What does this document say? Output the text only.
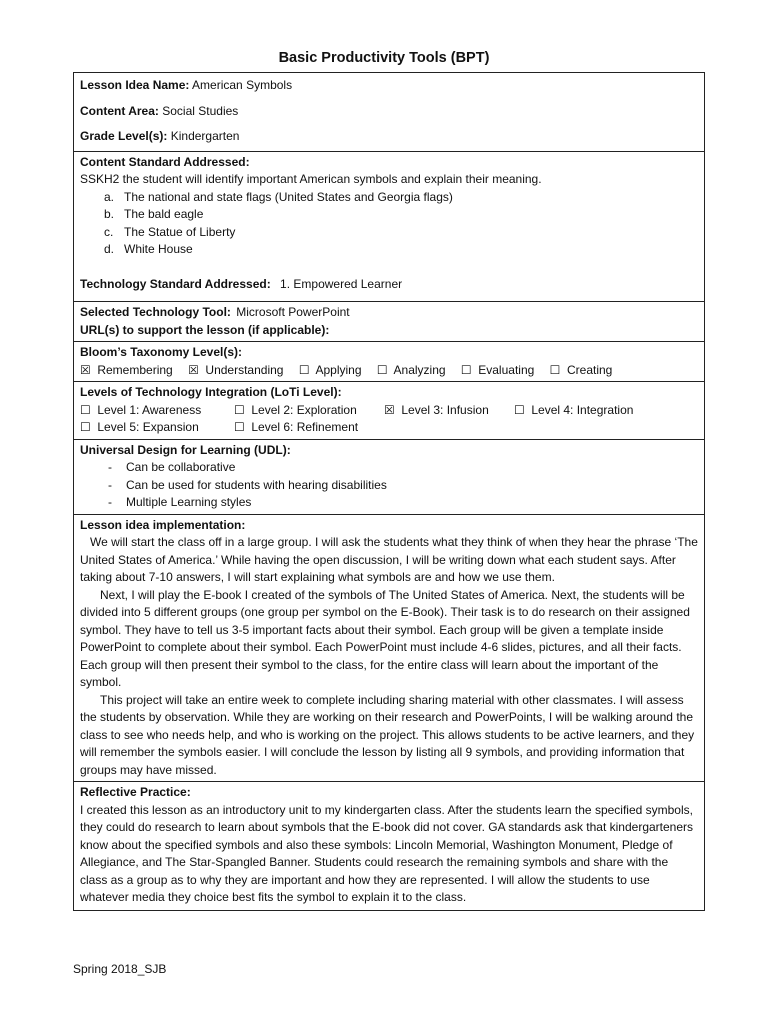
Basic Productivity Tools (BPT)
Lesson Idea Name: American Symbols
Content Area: Social Studies
Grade Level(s): Kindergarten
Content Standard Addressed:
SSKH2 the student will identify important American symbols and explain their meaning.
a. The national and state flags (United States and Georgia flags)
b. The bald eagle
c. The Statue of Liberty
d. White House
Technology Standard Addressed: 1. Empowered Learner
Selected Technology Tool: Microsoft PowerPoint
URL(s) to support the lesson (if applicable):
Bloom’s Taxonomy Level(s):
☒ Remembering ☒ Understanding ☐ Applying ☐ Analyzing ☐ Evaluating ☐ Creating
Levels of Technology Integration (LoTi Level):
☐ Level 1: Awareness	☐ Level 2: Exploration ☒ Level 3: Infusion ☐ Level 4: Integration
☐ Level 5: Expansion	☐ Level 6: Refinement
Universal Design for Learning (UDL):
- Can be collaborative
- Can be used for students with hearing disabilities
- Multiple Learning styles
Lesson idea implementation:

We will start the class off in a large group. I will ask the students what they think of when they hear the phrase ‘The United States of America.’ While having the open discussion, I will be writing down what each student says. After taking about 7-10 answers, I will start explaining what symbols are and how we use them.

Next, I will play the E-book I created of the symbols of The United States of America. Next, the students will be divided into 5 different groups (one group per symbol on the E-Book). Their task is to do research on their assigned symbol. They have to tell us 3-5 important facts about their symbol. Each group will be given a template inside PowerPoint to complete about their symbol. Each PowerPoint must include 4-6 slides, pictures, and all their facts. Each group will then present their symbol to the class, for the entire class will learn about the important of the symbol.

This project will take an entire week to complete including sharing material with other classmates. I will assess the students by observation. While they are working on their research and PowerPoints, I will be walking around the class to see who needs help, and who is working on the project. This allows students to be active learners, and they will remember the symbols easier. I will conclude the lesson by listing all 9 symbols, and providing information that groups may have missed.

Reflective Practice:
I created this lesson as an introductory unit to my kindergarten class. After the students learn the specified symbols, they could do research to learn about symbols that the E-book did not cover. GA standards ask that kindergarteners know about the specified symbols and also these symbols: Lincoln Memorial, Washington Monument, Pledge of Allegiance, and The Star-Spangled Banner. Students could research the remaining symbols and share with the class as a group as to why they are important and how they are represented. I will allow the students to use whatever media they choice best fits the symbol to explain it to the class.
Spring 2018_SJB
